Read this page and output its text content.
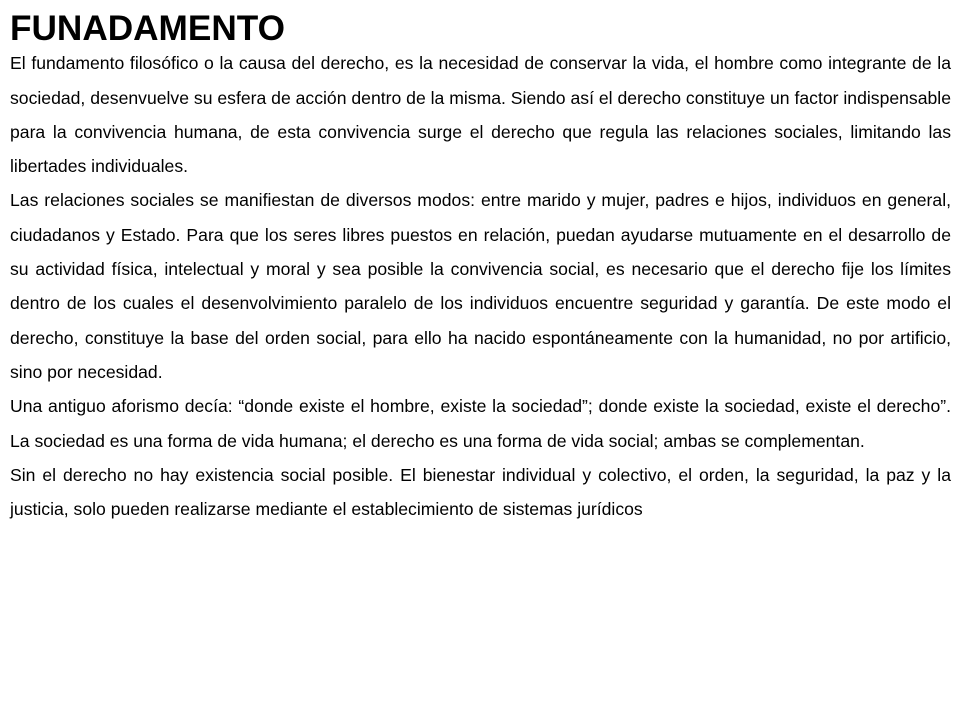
FUNADAMENTO

El fundamento filosófico o la causa del derecho, es la necesidad de conservar la vida, el hombre como integrante de la sociedad, desenvuelve su esfera de acción dentro de la misma. Siendo así el derecho constituye un factor indispensable para la convivencia humana, de esta convivencia surge el derecho que regula las relaciones sociales, limitando las libertades individuales.

Las relaciones sociales se manifiestan de diversos modos: entre marido y mujer, padres e hijos, individuos en general, ciudadanos y Estado. Para que los seres libres puestos en relación, puedan ayudarse mutuamente en el desarrollo de su actividad física, intelectual y moral y sea posible la convivencia social, es necesario que el derecho fije los límites dentro de los cuales el desenvolvimiento paralelo de los individuos encuentre seguridad y garantía. De este modo el derecho, constituye la base del orden social, para ello ha nacido espontáneamente con la humanidad, no por artificio, sino por necesidad.

Una antiguo aforismo decía: “donde existe el hombre, existe la sociedad”; donde existe la sociedad, existe el derecho”. La sociedad es una forma de vida humana; el derecho es una forma de vida social; ambas se complementan.

Sin el derecho no hay existencia social posible. El bienestar individual y colectivo, el orden, la seguridad, la paz y la justicia, solo pueden realizarse mediante el establecimiento de sistemas jurídicos
